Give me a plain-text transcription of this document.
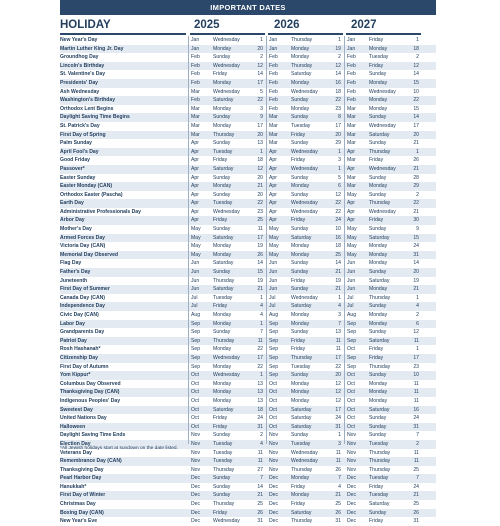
IMPORTANT DATES
HOLIDAY	2025	2026	2027
New Year's Day	Jan	Wednesday	1 Jan	Thursday	1 Jan	Friday	1
Martin Luther King Jr. Day	Jan	Monday	20 Jan	Monday	19 Jan	Monday	18
Groundhog Day	Feb	Sunday	2 Feb	Monday	2 Feb	Tuesday	2
Lincoln's Birthday	Feb	Wednesday	12 Feb	Thursday	12 Feb	Friday	12
St. Valentine's Day	Feb	Friday	14 Feb	Saturday	14 Feb	Sunday	14
Presidents' Day	Feb	Monday	17 Feb	Monday	16 Feb	Monday	15
Ash Wednesday	Mar	Wednesday	5 Feb	Wednesday	18 Feb	Wednesday	10
Washington's Birthday	Feb	Saturday	22 Feb	Sunday	22 Feb	Monday	22
Orthodox Lent Begins	Mar	Monday	3 Feb	Monday	23 Mar	Monday	15
Daylight Saving Time Begins	Mar	Sunday	9 Mar	Sunday	8 Mar	Sunday	14
St. Patrick's Day	Mar	Monday	17 Mar	Tuesday	17 Mar	Wednesday	17
First Day of Spring	Mar	Thursday	20 Mar	Friday	20 Mar	Saturday	20
Palm Sunday	Apr	Sunday	13 Mar	Sunday	29 Mar	Sunday	21
April Fool's Day	Apr	Tuesday	1 Apr	Wednesday	1 Apr	Thursday	1
Good Friday	Apr	Friday	18 Apr	Friday	3 Mar	Friday	26
Passover*	Apr	Saturday	12 Apr	Wednesday	1 Apr	Wednesday	21
Easter Sunday	Apr	Sunday	20 Apr	Sunday	5 Mar	Sunday	28
Easter Monday (CAN)	Apr	Monday	21 Apr	Monday	6 Mar	Monday	29
Orthodox Easter (Pascha)	Apr	Sunday	20 Apr	Sunday	12 May	Sunday	2
Earth Day	Apr	Tuesday	22 Apr	Wednesday	22 Apr	Thursday	22
Administrative Professionals Day	Apr	Wednesday	23 Apr	Wednesday	22 Apr	Wednesday	21
Arbor Day	Apr	Friday	25 Apr	Friday	24 Apr	Friday	30
Mother's Day	May	Sunday	11 May	Sunday	10 May	Sunday	9
Armed Forces Day	May	Saturday	17 May	Saturday	16 May	Saturday	15
Victoria Day (CAN)	May	Monday	19 May	Monday	18 May	Monday	24
Memorial Day Observed	May	Monday	26 May	Monday	25 May	Monday	31
Flag Day	Jun	Saturday	14 Jun	Sunday	14 Jun	Monday	14
Father's Day	Jun	Sunday	15 Jun	Sunday	21 Jun	Sunday	20
Juneteenth	Jun	Thursday	19 Jun	Friday	19 Jun	Saturday	19
First Day of Summer	Jun	Saturday	21 Jun	Sunday	21 Jun	Monday	21
Canada Day (CAN)	Jul	Tuesday	1 Jul	Wednesday	1 Jul	Thursday	1
Independence Day	Jul	Friday	4 Jul	Saturday	4 Jul	Sunday	4
Civic Day (CAN)	Aug	Monday	4 Aug	Monday	3 Aug	Monday	2
Labor Day	Sep	Monday	1 Sep	Monday	7 Sep	Monday	6
Grandparents Day	Sep	Sunday	7 Sep	Sunday	13 Sep	Sunday	12
Patriot Day	Sep	Thursday	11 Sep	Friday	11 Sep	Saturday	11
Rosh Hashanah*	Sep	Monday	22 Sep	Friday	11 Oct	Friday	1
Citizenship Day	Sep	Wednesday	17 Sep	Thursday	17 Sep	Friday	17
First Day of Autumn	Sep	Monday	22 Sep	Tuesday	22 Sep	Thursday	23
Yom Kippur*	Oct	Wednesday	1 Sep	Sunday	20 Oct	Sunday	10
Columbus Day Observed	Oct	Monday	13 Oct	Monday	12 Oct	Monday	11
Thanksgiving Day (CAN)	Oct	Monday	13 Oct	Monday	12 Oct	Monday	11
Indigenous Peoples' Day	Oct	Monday	13 Oct	Monday	12 Oct	Monday	11
Sweetest Day	Oct	Saturday	18 Oct	Saturday	17 Oct	Saturday	16
United Nations Day	Oct	Friday	24 Oct	Saturday	24 Oct	Sunday	24
Halloween	Oct	Friday	31 Oct	Saturday	31 Oct	Sunday	31
Daylight Saving Time Ends	Nov	Sunday	2 Nov	Sunday	1 Nov	Sunday	7
Election Day	Nov	Tuesday	4 Nov	Tuesday	3 Nov	Tuesday	2
Veterans Day	Nov	Tuesday	11 Nov	Wednesday	11 Nov	Thursday	11
Remembrance Day (CAN)	Nov	Tuesday	11 Nov	Wednesday	11 Nov	Thursday	11
Thanksgiving Day	Nov	Thursday	27 Nov	Thursday	26 Nov	Thursday	25
Pearl Harbor Day	Dec	Sunday	7 Dec	Monday	7 Dec	Tuesday	7
Hanukkah*	Dec	Sunday	14 Dec	Friday	4 Dec	Friday	24
First Day of Winter	Dec	Sunday	21 Dec	Monday	21 Dec	Tuesday	21
Christmas Day	Dec	Thursday	25 Dec	Friday	25 Dec	Saturday	25
Boxing Day (CAN)	Dec	Friday	26 Dec	Saturday	26 Dec	Sunday	26
New Year's Eve	Dec	Wednesday	31 Dec	Thursday	31 Dec	Friday	31
*All Jewish holidays start at sundown on the date listed.
